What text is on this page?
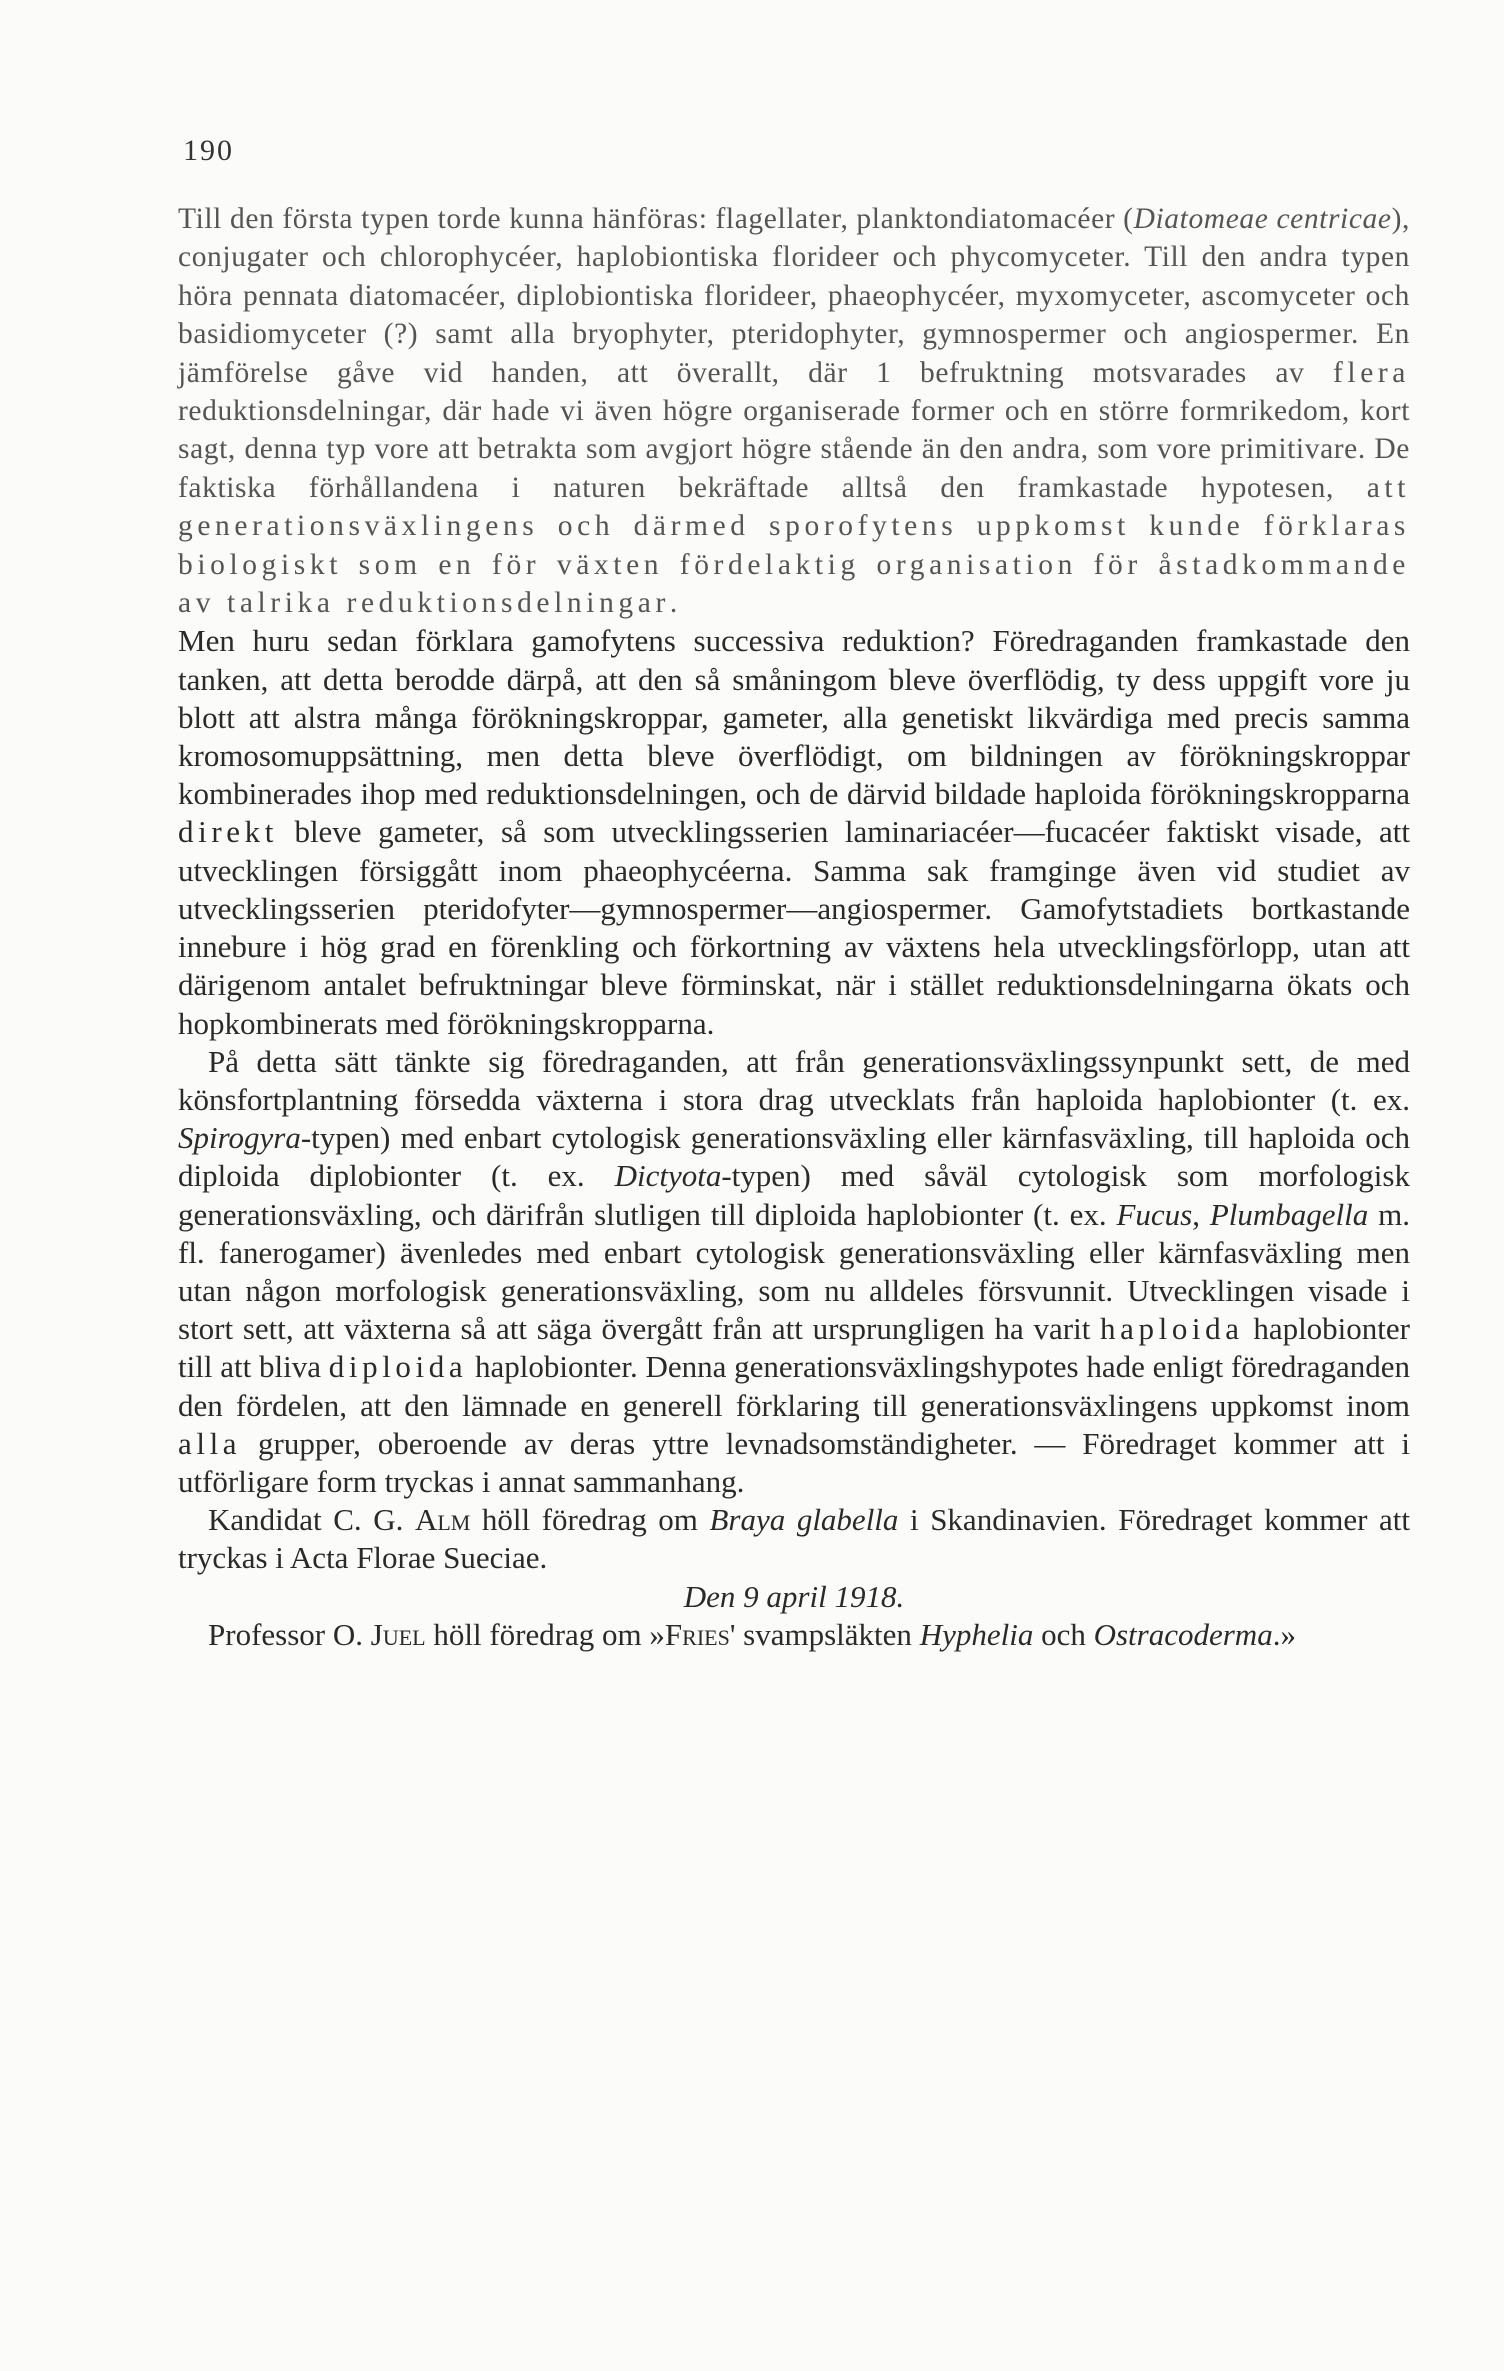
190

Till den första typen torde kunna hänföras: flagellater, planktondiatomacéer (Diatomeae centricae), conjugater och chlorophycéer, haplobiontiska florideer och phycomyceter. Till den andra typen höra pennata diatomacéer, diplobiontiska florideer, phaeophycéer, myxomyceter, ascomyceter och basidiomyceter (?) samt alla bryophyter, pteridophyter, gymnospermer och angiospermer. En jämförelse gåve vid handen, att överallt, där 1 befruktning motsvarades av flera reduktionsdelningar, där hade vi även högre organiserade former och en större formrikedom, kort sagt, denna typ vore att betrakta som avgjort högre stående än den andra, som vore primitivare. De faktiska förhållandena i naturen bekräftade alltså den framkastade hypotesen, att generationsväxlingens och därmed sporofytens uppkomst kunde förklaras biologiskt som en för växten fördelaktig organisation för åstadkommande av talrika reduktionsdelningar.

Men huru sedan förklara gamofytens successiva reduktion? Föredraganden framkastade den tanken, att detta berodde därpå, att den så småningom bleve överflödig, ty dess uppgift vore ju blott att alstra många förökningskroppar, gameter, alla genetiskt likvärdiga med precis samma kromosomuppsättning, men detta bleve överflödigt, om bildningen av förökningskroppar kombinerades ihop med reduktionsdelningen, och de därvid bildade haploida förökningskropparna direkt bleve gameter, så som utvecklingsserien laminariacéer—fucacéer faktiskt visade, att utvecklingen försiggått inom phaeophycéerna. Samma sak framginge även vid studiet av utvecklingsserien pteridofyter—gymnospermer—angiospermer. Gamofytstadiets bortkastande innebure i hög grad en förenkling och förkortning av växtens hela utvecklingsförlopp, utan att därigenom antalet befruktningar bleve förminskat, när i stället reduktionsdelningarna ökats och hopkombinerats med förökningskropparna.

På detta sätt tänkte sig föredraganden, att från generationsväxlingssynpunkt sett, de med könsfortplantning försedda växterna i stora drag utvecklats från haploida haplobionter (t. ex. Spirogyra-typen) med enbart cytologisk generationsväxling eller kärnfasväxling, till haploida och diploida diplobionter (t. ex. Dictyota-typen) med såväl cytologisk som morfologisk generationsväxling, och därifrån slutligen till diploida haplobionter (t. ex. Fucus, Plumbagella m. fl. fanerogamer) ävenledes med enbart cytologisk generationsväxling eller kärnfasväxling men utan någon morfologisk generationsväxling, som nu alldeles försvunnit. Utvecklingen visade i stort sett, att växterna så att säga övergått från att ursprungligen ha varit haploida haplobionter till att bliva diploida haplobionter. Denna generationsväxlingshypotes hade enligt föredraganden den fördelen, att den lämnade en generell förklaring till generationsväxlingens uppkomst inom alla grupper, oberoende av deras yttre levnadsomständigheter. — Föredraget kommer att i utförligare form tryckas i annat sammanhang.

Kandidat C. G. Alm höll föredrag om Braya glabella i Skandinavien. Föredraget kommer att tryckas i Acta Florae Sueciae.

Den 9 april 1918.

Professor O. Juel höll föredrag om »Fries' svampsläkten Hyphelia och Ostracoderma.»
